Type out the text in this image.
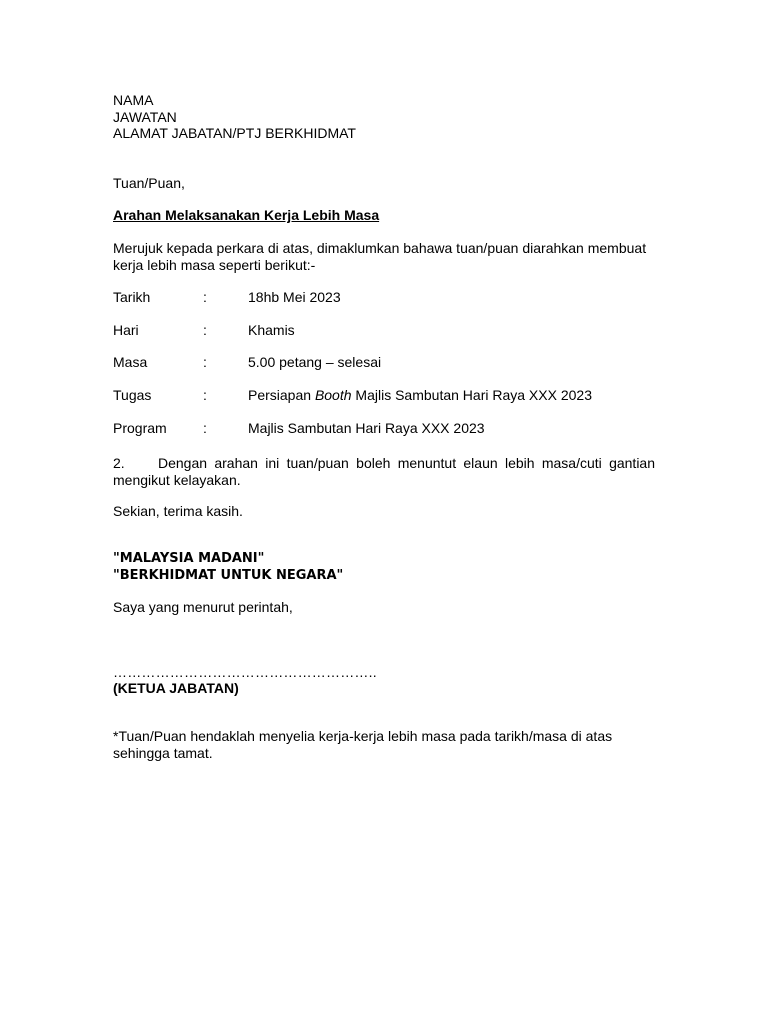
NAMA
JAWATAN
ALAMAT JABATAN/PTJ BERKHIDMAT
Tuan/Puan,
Arahan Melaksanakan Kerja Lebih Masa
Merujuk kepada perkara di atas, dimaklumkan bahawa tuan/puan diarahkan membuat kerja lebih masa seperti berikut:-
Tarikh	:	18hb Mei 2023
Hari	:	Khamis
Masa	:	5.00 petang – selesai
Tugas	:	Persiapan Booth Majlis Sambutan Hari Raya XXX 2023
Program	:	Majlis Sambutan Hari Raya XXX 2023
2. Dengan arahan ini tuan/puan boleh menuntut elaun lebih masa/cuti gantian mengikut kelayakan.
Sekian, terima kasih.
"MALAYSIA MADANI"
"BERKHIDMAT UNTUK NEGARA"
Saya yang menurut perintah,
………………………………………………..
(KETUA JABATAN)
*Tuan/Puan hendaklah menyelia kerja-kerja lebih masa pada tarikh/masa di atas sehingga tamat.
